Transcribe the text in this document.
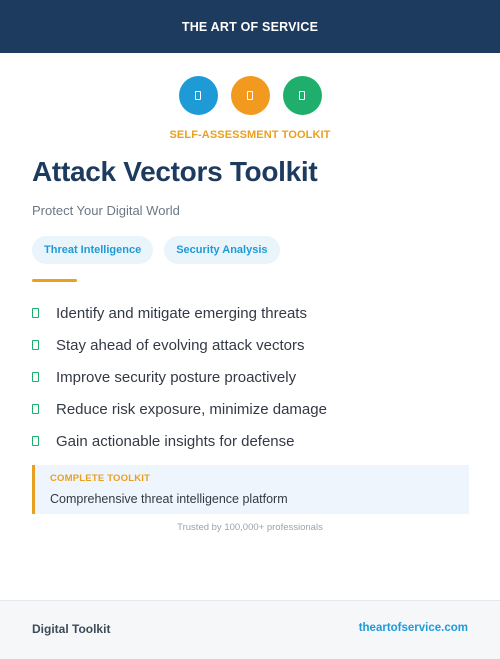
THE ART OF SERVICE
SELF-ASSESSMENT TOOLKIT
Attack Vectors Toolkit
Protect Your Digital World
Threat Intelligence	Security Analysis
Identify and mitigate emerging threats
Stay ahead of evolving attack vectors
Improve security posture proactively
Reduce risk exposure, minimize damage
Gain actionable insights for defense
COMPLETE TOOLKIT
Comprehensive threat intelligence platform
Trusted by 100,000+ professionals
Digital Toolkit	theartofservice.com
